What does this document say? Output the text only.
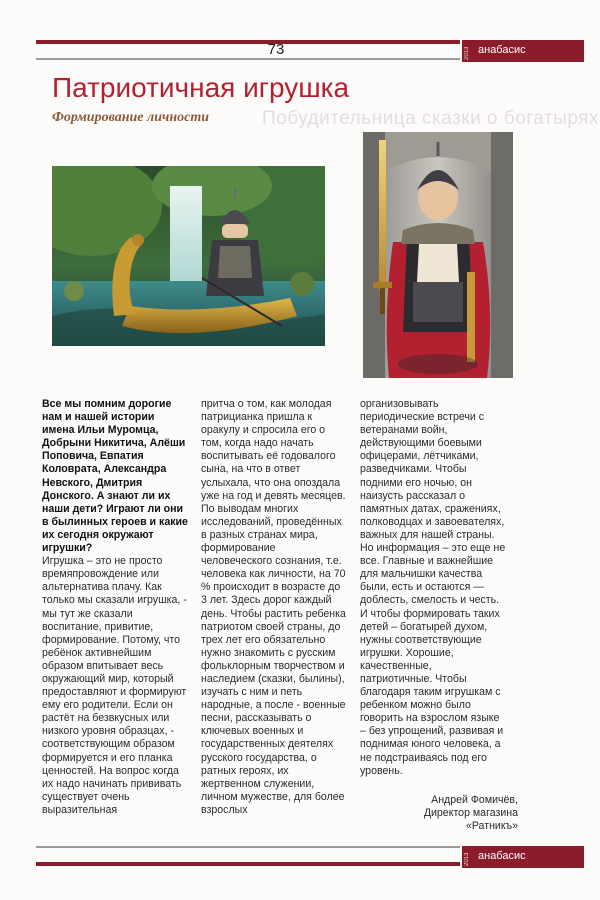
73	2013 анабасис
Патриотичная игрушка
Побудительница сказки о богатырях
Формирование личности

Все мы помним дорогие нам и нашей истории имена Ильи Муромца, Добрыни Никитича, Алёши Поповича, Евпатия Коловрата, Александра Невского, Дмитрия Донского. А знают ли их наши дети? Играют ли они в былинных героев и какие их сегодня окружают игрушки?

Игрушка – это не просто времяпровождение или альтернатива плачу. Как только мы сказали игрушка, - мы тут же сказали воспитание, привитие, формирование. Потому, что ребёнок активнейшим образом впитывает весь окружающий мир, который предоставляют и формируют ему его родители. Если он растёт на безвкусных или низкого уровня образцах, - соответствующим образом формируется и его планка ценностей. На вопрос когда их надо начинать прививать существует очень выразительная

притча о том, как молодая патрицианка пришла к оракулу и спросила его о том, когда надо начать воспитывать её годовалого сына, на что в ответ услыхала, что она опоздала уже на год и девять месяцев. По выводам многих исследований, проведённых в разных странах мира, формирование человеческого сознания, т.е. человека как личности, на 70 % происходит в возрасте до 3 лет. Здесь дорог каждый день. Чтобы растить ребенка патриотом своей страны, до трех лет его обязательно нужно знакомить с русским фольклорным творчеством и наследием (сказки, былины), изучать с ним и петь народные, а после - военные песни, рассказывать о ключевых военных и государственных деятелях русского государства, о ратных героях, их жертвенном служении, личном мужестве, для более взрослых

организовывать периодические встречи с ветеранами войн, действующими боевыми офицерами, лётчиками, разведчиками. Чтобы подними его ночью, он наизусть рассказал о памятных датах, сражениях, полководцах и завоевателях, важных для нашей страны. Но информация – это еще не все. Главные и важнейшие для мальчишки качества были, есть и остаются — доблесть, смелость и честь. И чтобы формировать таких детей – богатырей духом, нужны соответствующие игрушки. Хорошие, качественные, патриотичные. Чтобы благодаря таким игрушкам с ребенком можно было говорить на взрослом языке – без упрощений, развивая и поднимая юного человека, а не подстраиваясь под его уровень.

Андрей Фомичёв,

Директор магазина

«Ратникъ»

2013 анабасис
